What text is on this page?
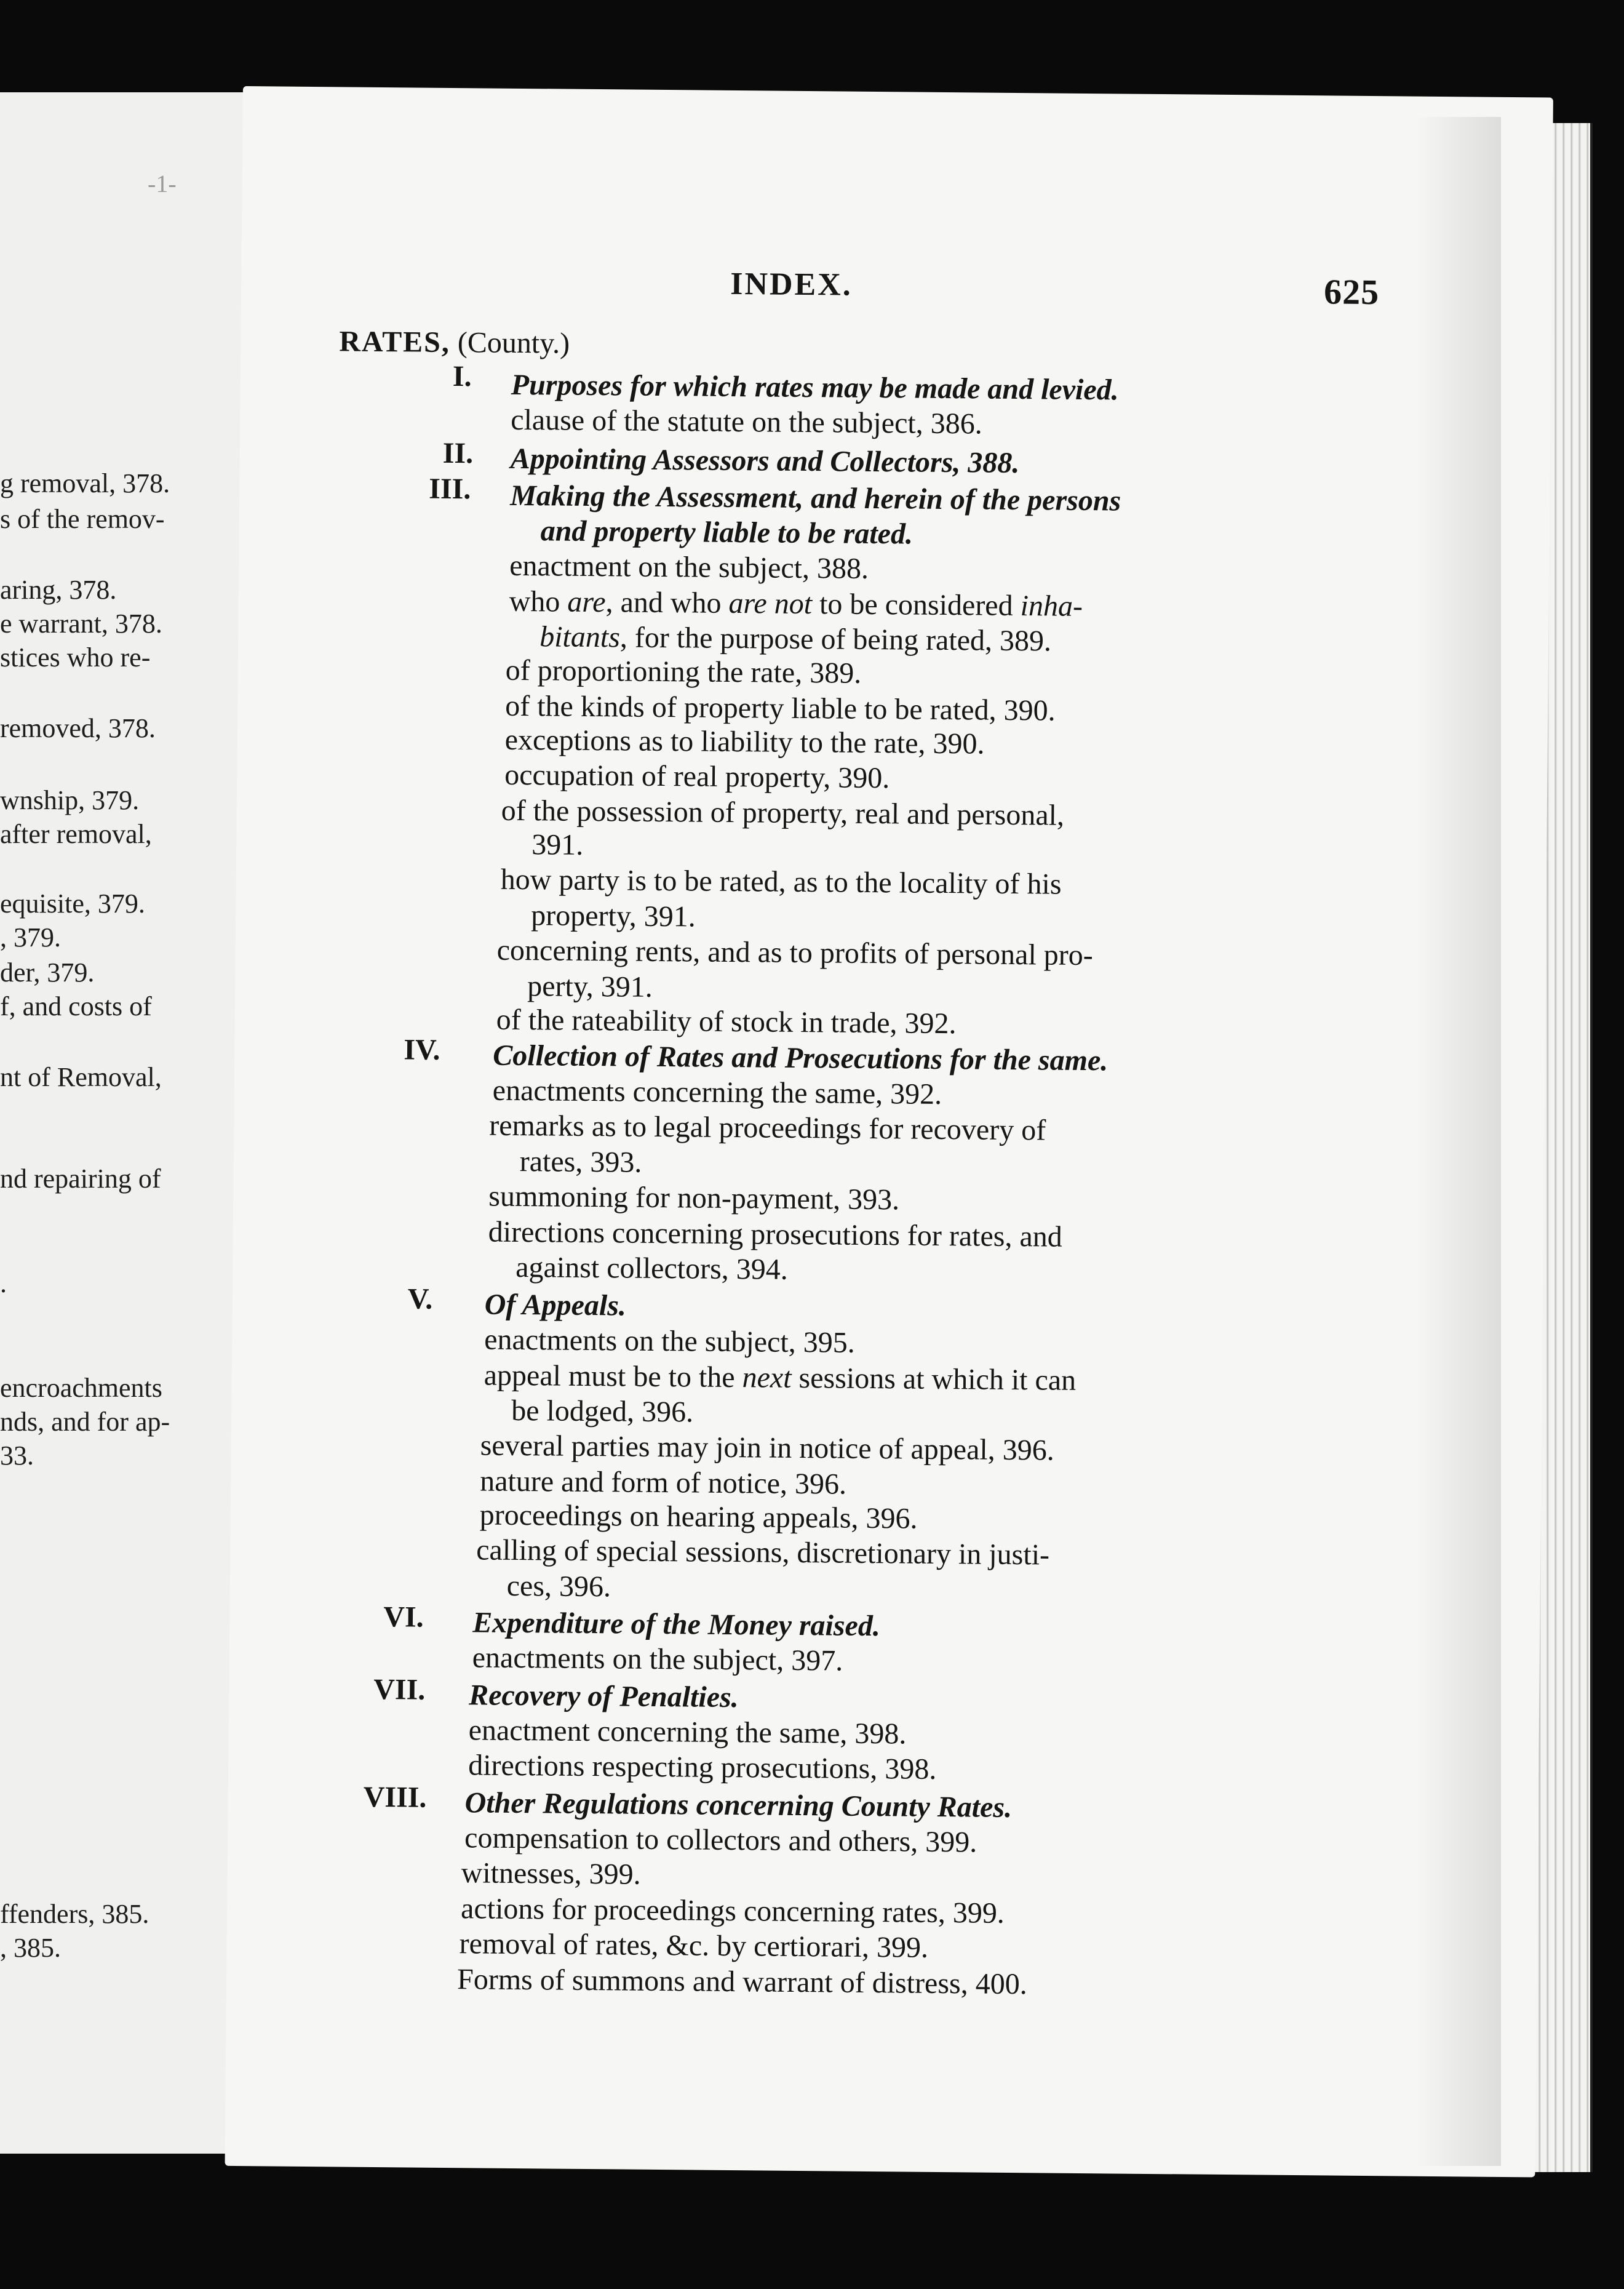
-1-
g removal, 378.
s of the remov-
aring, 378.
e warrant, 378.
stices who re-
removed, 378.
wnship, 379.
after removal,
equisite, 379.
, 379.
der, 379.
f, and costs of
nt of Removal,
nd repairing of
.
encroachments
nds, and for ap-
33.
ffenders, 385.
, 385.
INDEX.	625
RATES, (County.)
I. Purposes for which rates may be made and levied.
clause of the statute on the subject, 386.
II. Appointing Assessors and Collectors, 388.
III. Making the Assessment, and herein of the persons
and property liable to be rated.
enactment on the subject, 388.
who are, and who are not to be considered inha-
bitants, for the purpose of being rated, 389.
of proportioning the rate, 389.
of the kinds of property liable to be rated, 390.
exceptions as to liability to the rate, 390.
occupation of real property, 390.
of the possession of property, real and personal,
391.
how party is to be rated, as to the locality of his
property, 391.
concerning rents, and as to profits of personal pro-
perty, 391.
of the rateability of stock in trade, 392.
IV. Collection of Rates and Prosecutions for the same.
enactments concerning the same, 392.
remarks as to legal proceedings for recovery of
rates, 393.
summoning for non-payment, 393.
directions concerning prosecutions for rates, and
against collectors, 394.
V. Of Appeals.
enactments on the subject, 395.
appeal must be to the next sessions at which it can
be lodged, 396.
several parties may join in notice of appeal, 396.
nature and form of notice, 396.
proceedings on hearing appeals, 396.
calling of special sessions, discretionary in justi-
ces, 396.
VI. Expenditure of the Money raised.
enactments on the subject, 397.
VII. Recovery of Penalties.
enactment concerning the same, 398.
directions respecting prosecutions, 398.
VIII. Other Regulations concerning County Rates.
compensation to collectors and others, 399.
witnesses, 399.
actions for proceedings concerning rates, 399.
removal of rates, &c. by certiorari, 399.
Forms of summons and warrant of distress, 400.
